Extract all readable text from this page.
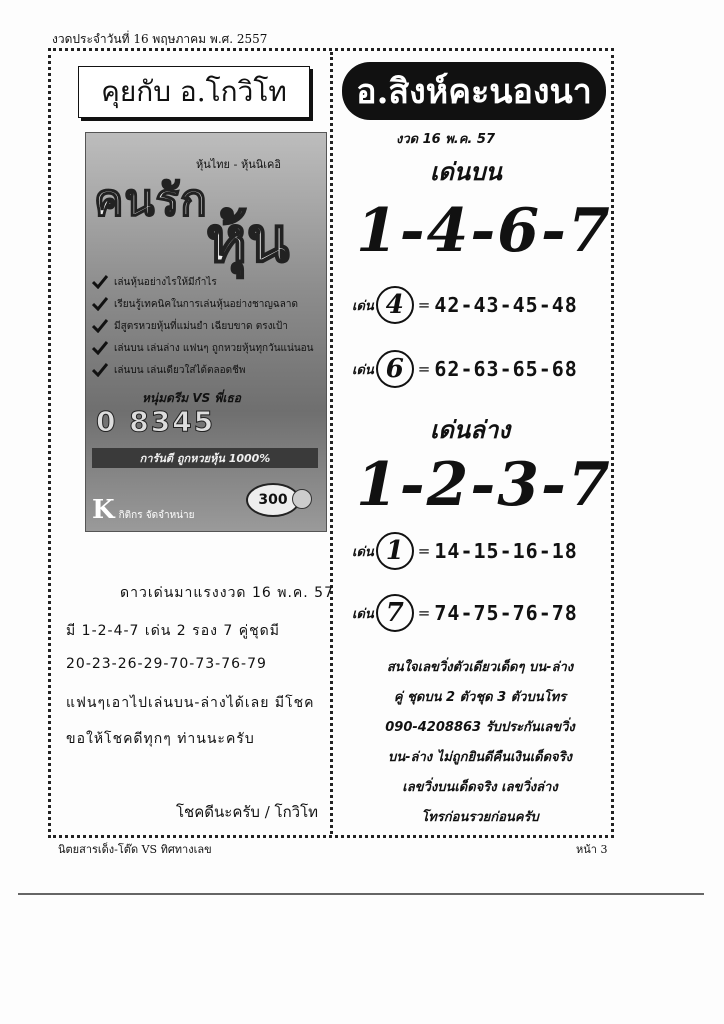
งวดประจำวันที่ 16 พฤษภาคม พ.ศ. 2557
คุยกับ อ.โกวิโท
หุ้นไทย - หุ้นนิเคอิ
คนรัก
หุ้น
เล่นหุ้นอย่างไรให้มีกำไร
เรียนรู้เทคนิคในการเล่นหุ้นอย่างชาญฉลาด
มีสูตรหวยหุ้นที่แม่นยำ เฉียบขาด ตรงเป้า
เล่นบน เล่นล่าง แฟนๆ ถูกหวยหุ้นทุกวันแน่นอน
เล่นบน เล่นเดียวใส่ได้ตลอดชีพ
หนุ่มดรีม VS พี่เธอ
0 8345
การันตี ถูกหวยหุ้น 1000%
K กิติกร จัดจำหน่าย
300
ดาวเด่นมาแรงงวด 16 พ.ค. 57
มี 1-2-4-7 เด่น 2 รอง 7 คู่ชุดมี
20-23-26-29-70-73-76-79
แฟนๆเอาไปเล่นบน-ล่างได้เลย มีโชค
ขอให้โชคดีทุกๆ ท่านนะครับ
โชคดีนะครับ / โกวิโท
อ.สิงห์คะนองนา
งวด 16 พ.ค. 57
เด่นบน
1-4-6-7
เด่น 4 = 42-43-45-48
เด่น 6 = 62-63-65-68
เด่นล่าง
1-2-3-7
เด่น 1 = 14-15-16-18
เด่น 7 = 74-75-76-78
สนใจเลขวิ่งตัวเดียวเด็ดๆ บน-ล่าง
คู่ ชุดบน 2 ตัวชุด 3 ตัวบนโทร
090-4208863 รับประกันเลขวิ่ง
บน-ล่าง ไม่ถูกยินดีคืนเงินเด็ดจริง
เลขวิ่งบนเด็ดจริง เลขวิ่งล่าง
โทรก่อนรวยก่อนครับ
นิตยสารเด็ง-โต๊ด VS ทิศทางเลข	หน้า 3
